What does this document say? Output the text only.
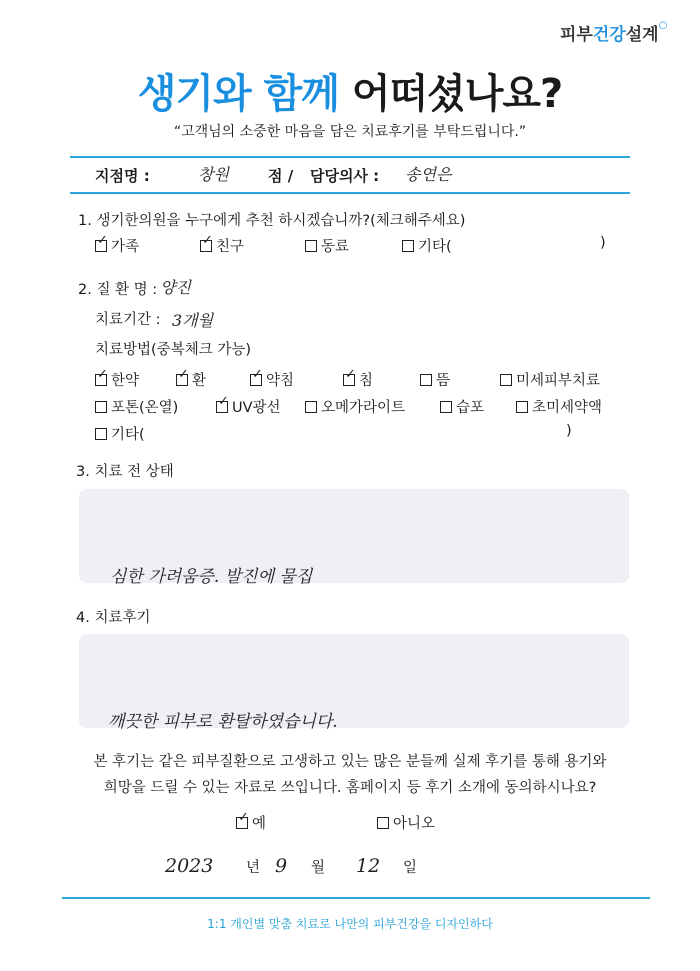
피부건강설계○
생기와 함께 어떠셨나요?
“고객님의 소중한 마음을 담은 치료후기를 부탁드립니다.”
지점명 :	창원	점 / 담당의사 : 송연은
1. 생기한의원을 누구에게 추천 하시겠습니까?(체크해주세요)
✓가족 ✓	친구	동료	기타(	)
2. 질 환 명 : 양진
치료기간 : 3개월
치료방법(중복체크 가능)
✓한약 ✓	환 ✓	약침 ✓	침	뜸	미세피부치료
포톤(온열) ✓	UV광선	오메가라이트	습포	초미세약액
기타(	)
3. 치료 전 상태
심한 가려움증. 발진에 물집
4. 치료후기
깨끗한 피부로 환탈하였습니다.
본 후기는 같은 피부질환으로 고생하고 있는 많은 분들께 실제 후기를 통해 용기와
희망을 드릴 수 있는 자료로 쓰입니다. 홈페이지 등 후기 소개에 동의하시나요?
✓예	아니오
2023 년 9 월 12 일
1:1 개인별 맞춤 치료로 나만의 피부건강을 디자인하다
